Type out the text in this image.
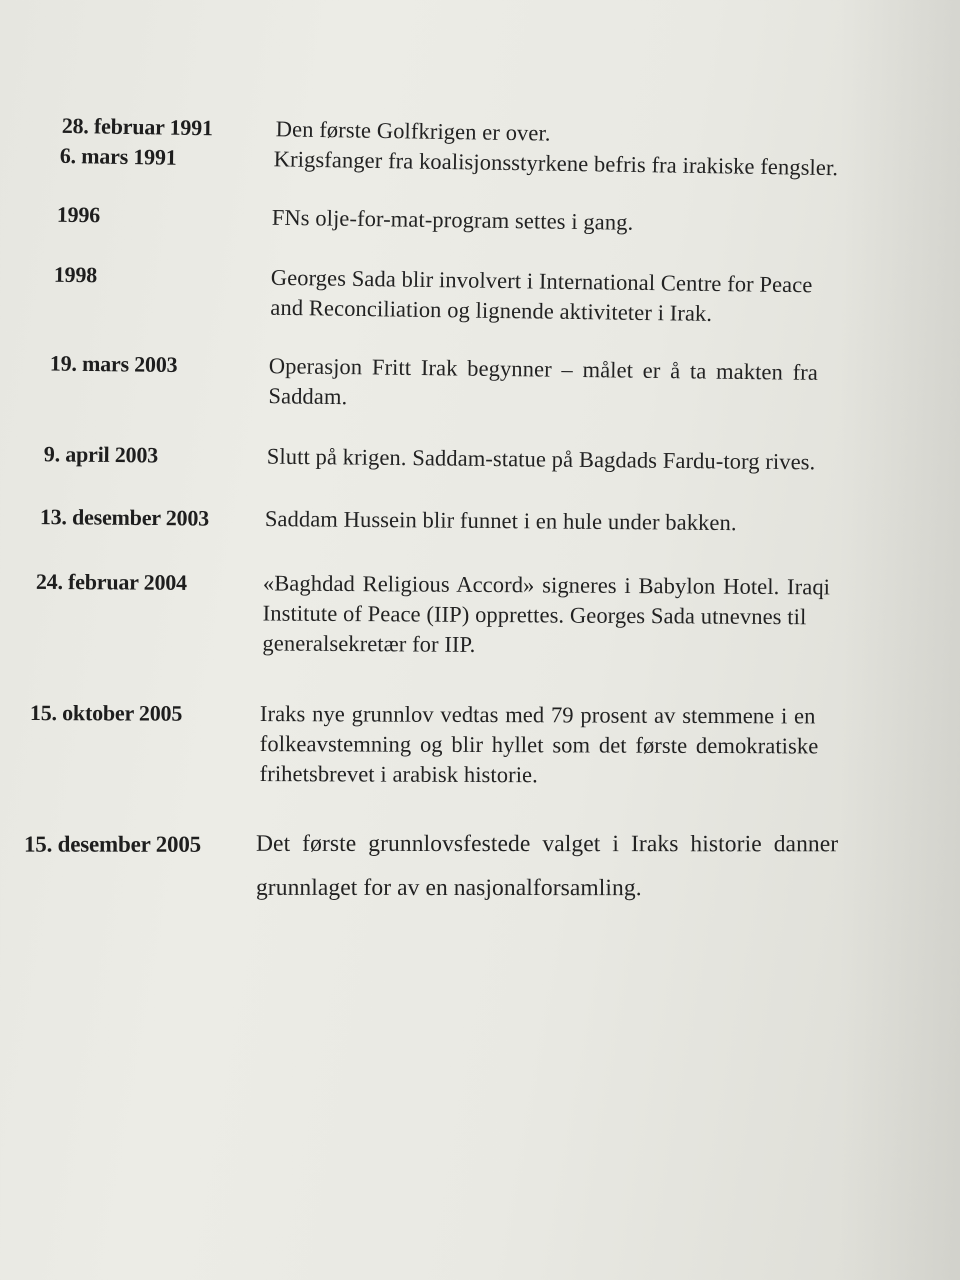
28. februar 1991	Den første Golfkrigen er over.
6. mars 1991	Krigsfanger fra koalisjonsstyrkene befris fra irakiske fengsler.
1996	FNs olje-for-mat-program settes i gang.
1998	Georges Sada blir involvert i International Centre for Peace
and Reconciliation og lignende aktiviteter i Irak.
19. mars 2003	Operasjon Fritt Irak begynner – målet er å ta makten fra
Saddam.
9. april 2003	Slutt på krigen. Saddam-statue på Bagdads Fardu-torg rives.
13. desember 2003 Saddam Hussein blir funnet i en hule under bakken.
24. februar 2004	«Baghdad Religious Accord» signeres i Babylon Hotel. Iraqi
Institute of Peace (IIP) opprettes. Georges Sada utnevnes til
generalsekretær for IIP.
15. oktober 2005	Iraks nye grunnlov vedtas med 79 prosent av stemmene i en
folkeavstemning og blir hyllet som det første demokratiske
frihetsbrevet i arabisk historie.
15. desember 2005 Det første grunnlovsfestede valget i Iraks historie danner
grunnlaget for av en nasjonalforsamling.
